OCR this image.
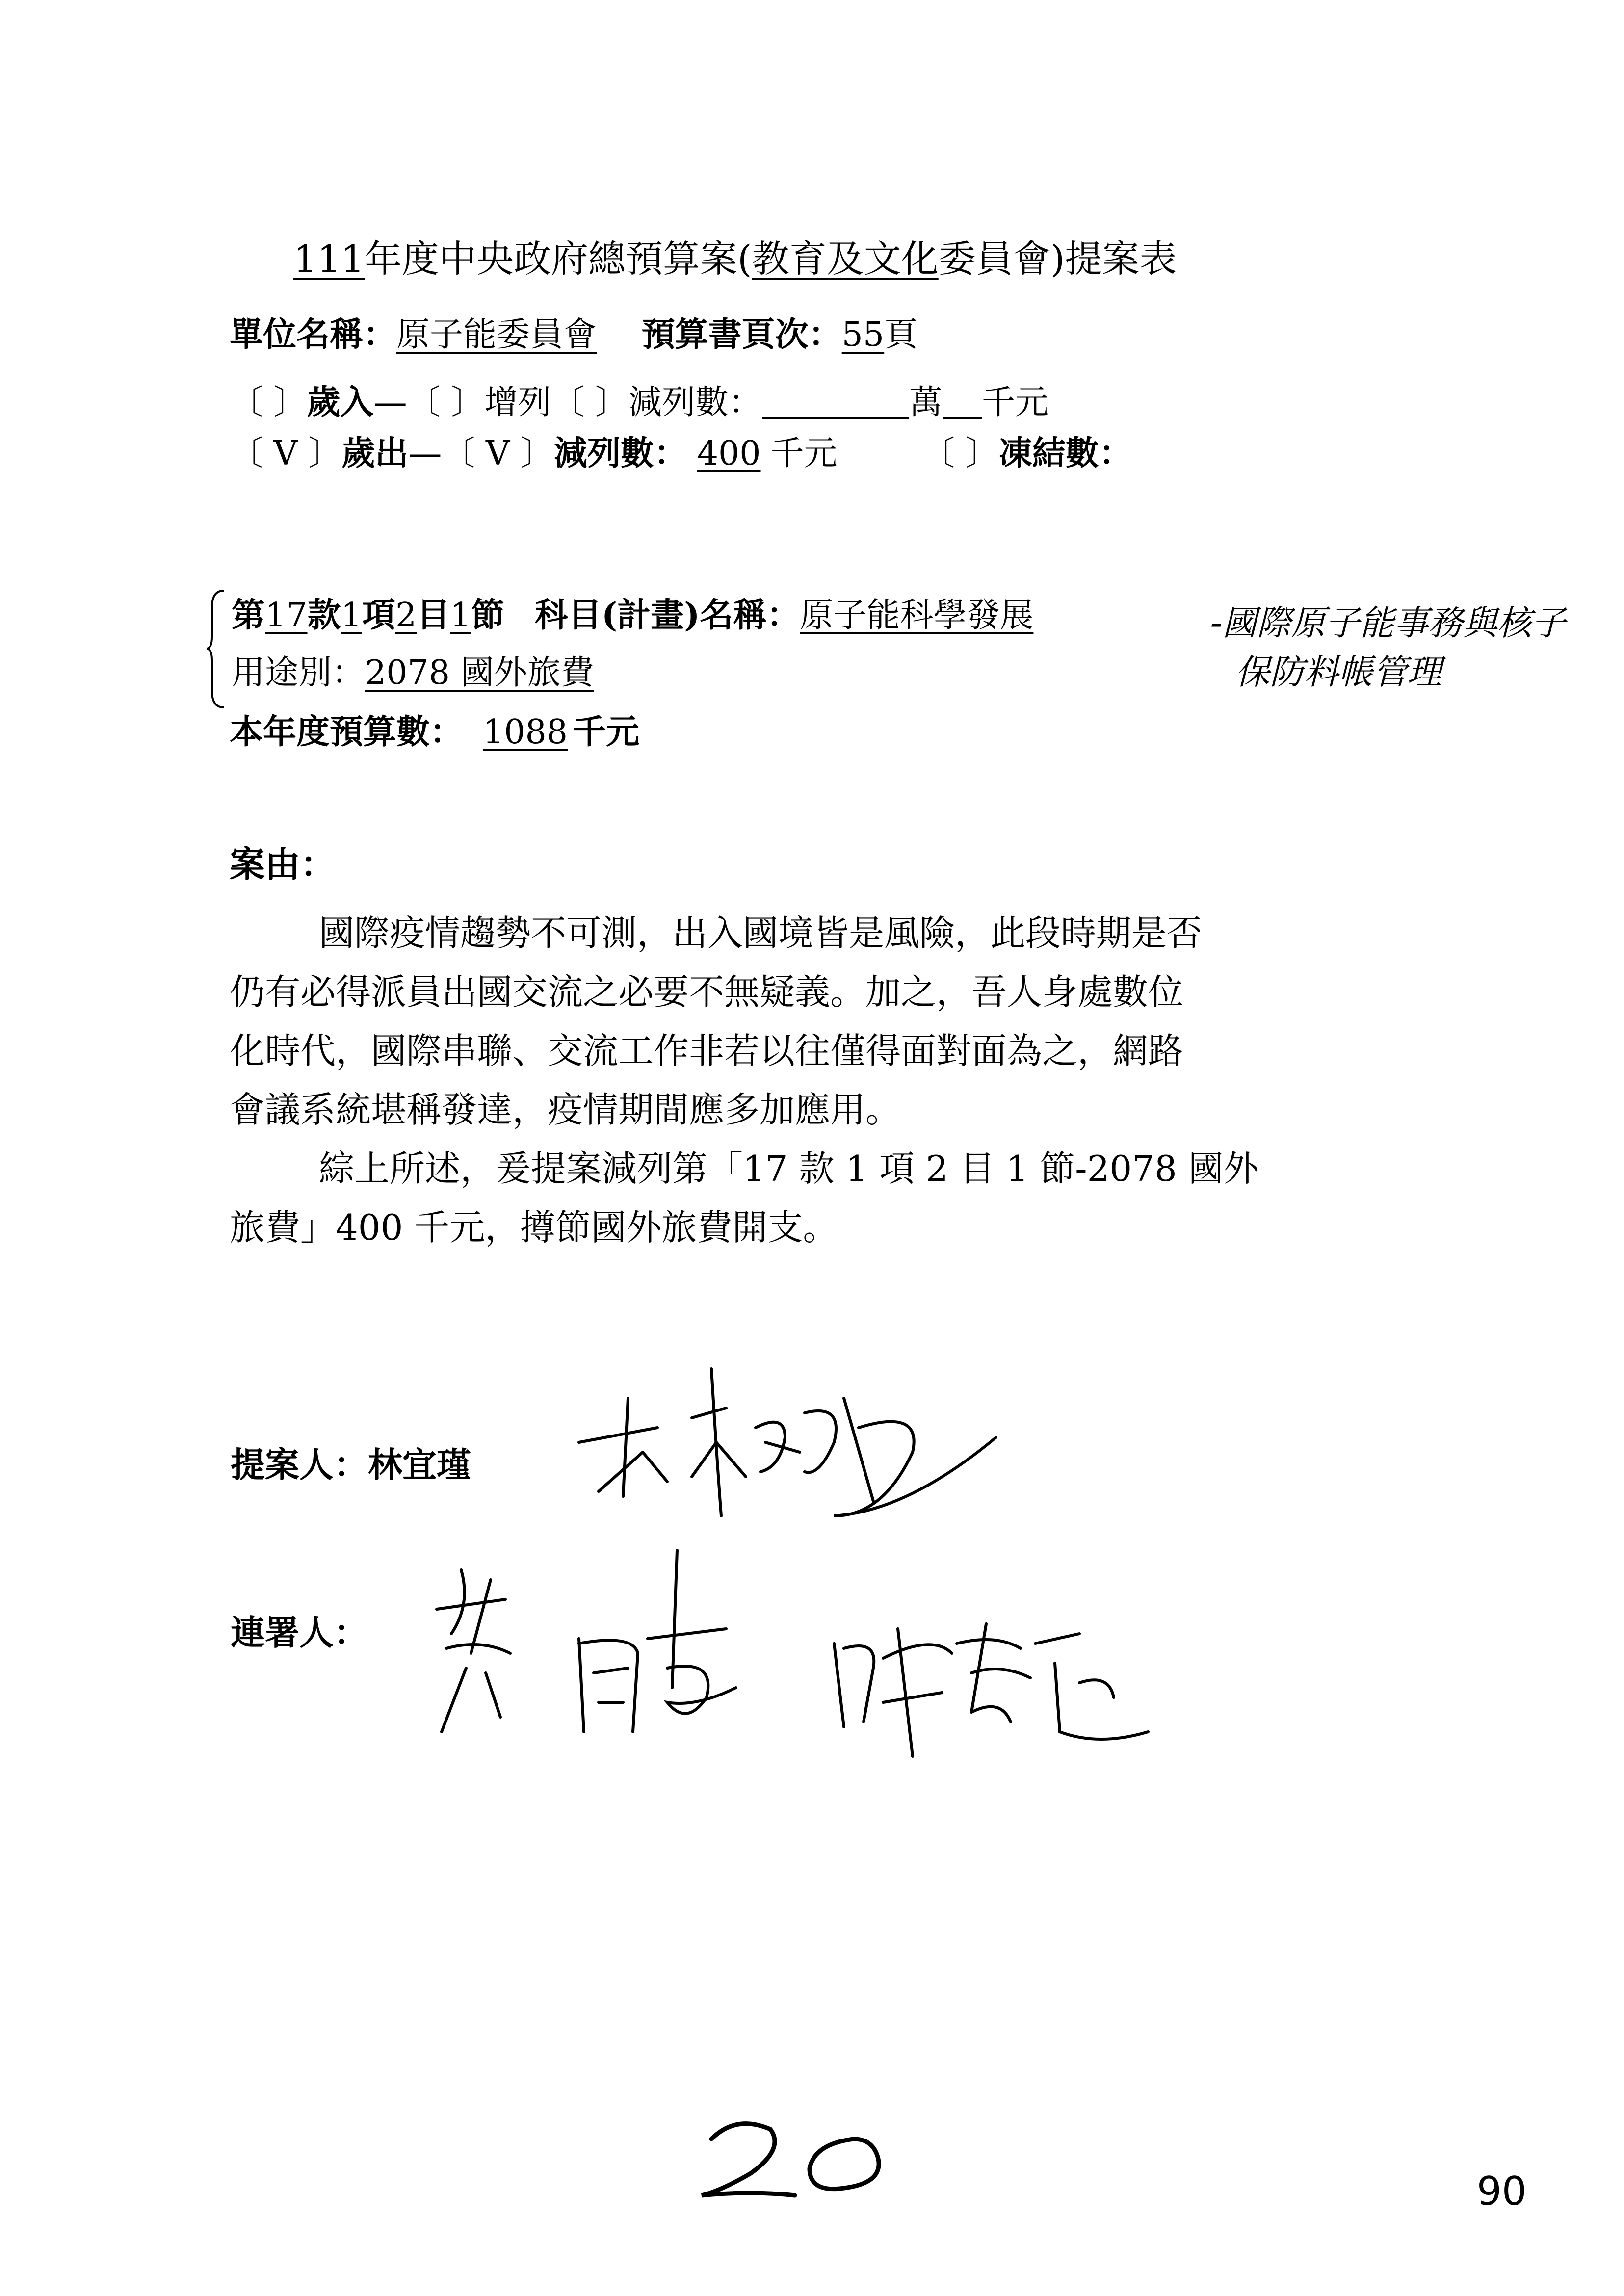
111年度中央政府總預算案(教育及文化委員會)提案表
單位名稱：原子能委員會 預算書頁次：55頁
〔 〕歲入—〔 〕增列〔 〕減列數：	萬 千元
〔 V 〕歲出—〔 V 〕減列數： 400 千元	〔 〕凍結數：
第17款1項2目1節 科目(計畫)名稱：原子能科學發展	-國際原子能事務與核子
保防料帳管理
用途別：2078 國外旅費
本年度預算數： 1088 千元
案由：
國際疫情趨勢不可測，出入國境皆是風險，此段時期是否
仍有必得派員出國交流之必要不無疑義。加之，吾人身處數位
化時代，國際串聯、交流工作非若以往僅得面對面為之，網路
會議系統堪稱發達，疫情期間應多加應用。
綜上所述，爰提案減列第「17 款 1 項 2 目 1 節-2078 國外
旅費」400 千元，撙節國外旅費開支。
提案人：林宜瑾
連署人：
90
